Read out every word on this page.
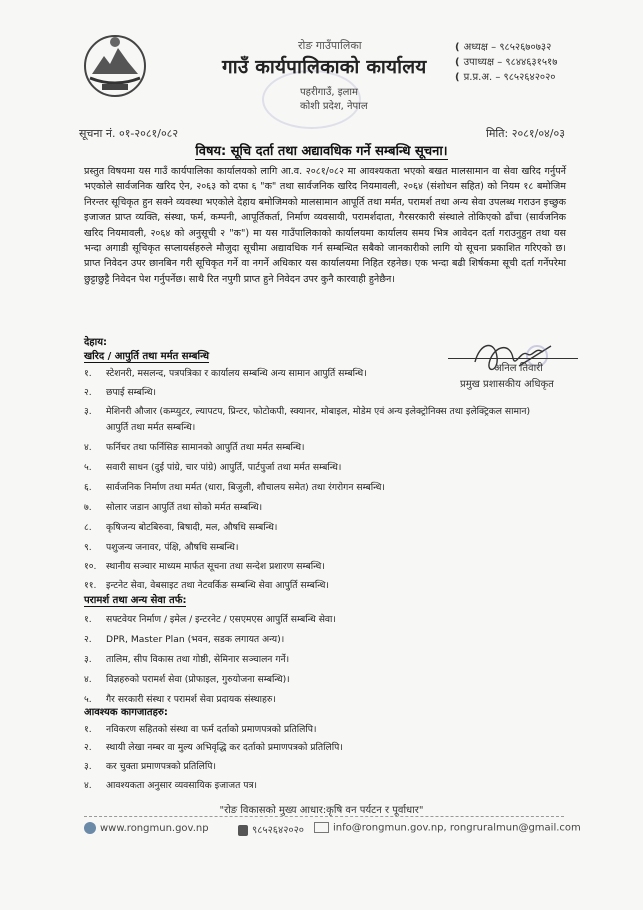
रोङ गाउँपालिका
गाउँ कार्यपालिकाको कार्यालय
पहरीगाउँ, इलाम
कोशी प्रदेश, नेपाल
( अध्यक्ष – ९८५२६७०७३२
( उपाध्यक्ष – ९८४४६३१५१७
( प्र.प्र.अ. – ९८५२६४२०२०
सूचना नं. ०१-२०८१/०८२	मिति: २०८१/०४/०३
विषय: सूचि दर्ता तथा अद्यावधिक गर्ने सम्बन्धि सूचना।
प्रस्तुत विषयमा यस गाउँ कार्यपालिका कार्यालयको लागि आ.व. २०८१/०८२ मा आवश्यकता भएको बखत मालसामान वा सेवा खरिद गर्नुपर्ने भएकोले सार्वजनिक खरिद ऐन, २०६३ को दफा ६ "क" तथा सार्वजनिक खरिद नियमावली, २०६४ (संशोधन सहित) को नियम १८ बमोजिम निरन्तर सूचिकृत हुन सक्ने व्यवस्था भएकोले देहाय बमोजिमको मालसामान आपूर्ति तथा मर्मत, परामर्श तथा अन्य सेवा उपलब्ध गराउन इच्छुक इजाजत प्राप्त व्यक्ति, संस्था, फर्म, कम्पनी, आपूर्तिकर्ता, निर्माण व्यवसायी, परामर्शदाता, गैरसरकारी संस्थाले तोकिएको ढाँचा (सार्वजनिक खरिद नियमावली, २०६४ को अनुसूची २ "क") मा यस गाउँपालिकाको कार्यालयमा कार्यालय समय भित्र आवेदन दर्ता गराउनुहुन तथा यस भन्दा अगाडी सूचिकृत सप्लायर्सहरुले मौजुदा सूचीमा अद्यावधिक गर्न सम्बन्धित सबैको जानकारीको लागि यो सूचना प्रकाशित गरिएको छ। प्राप्त निवेदन उपर छानबिन गरी सूचिकृत गर्ने वा नगर्ने अधिकार यस कार्यालयमा निहित रहनेछ। एक भन्दा बढी शिर्षकमा सूची दर्ता गर्नेपरेमा छुट्टाछुट्टै निवेदन पेश गर्नुपर्नेछ। साथै रित नपुगी प्राप्त हुने निवेदन उपर कुनै कारवाही हुनेछैन।
देहाय:
खरिद / आपुर्ति तथा मर्मत सम्बन्धि
अनिल तिवारी
प्रमुख प्रशासकीय अधिकृत
१. स्टेशनरी, मसलन्द, पत्रपत्रिका र कार्यालय सम्बन्धि अन्य सामान आपुर्ति सम्बन्धि।
२. छपाई सम्बन्धि।
३. मेशिनरी औजार (कम्प्युटर, ल्यापटप, प्रिन्टर, फोटोकपी, स्क्यानर, मोबाइल, मोडेम एवं अन्य इलेक्ट्रोनिक्स तथा इलेक्ट्रिकल सामान)
आपुर्ति तथा मर्मत सम्बन्धि।
४. फर्निचर तथा फर्निसिङ सामानको आपुर्ति तथा मर्मत सम्बन्धि।
५. सवारी साधन (दुई पांग्रे, चार पांग्रे) आपुर्ति, पार्टपुर्जा तथा मर्मत सम्बन्धि।
६. सार्वजनिक निर्माण तथा मर्मत (धारा, बिजुली, शौचालय समेत) तथा रंगरोगन सम्बन्धि।
७. सोलार जडान आपुर्ति तथा सोको मर्मत सम्बन्धि।
८. कृषिजन्य बोटबिरुवा, बिषादी, मल, औषधि सम्बन्धि।
९. पशुजन्य जनावर, पंक्षि, औषधि सम्बन्धि।
१०. स्थानीय सञ्चार माध्यम मार्फत सूचना तथा सन्देश प्रशारण सम्बन्धि।
११. इन्टनेट सेवा, वेबसाइट तथा नेटवर्किङ सम्बन्धि सेवा आपुर्ति सम्बन्धि।
परामर्श तथा अन्य सेवा तर्फ:
१. सफ्टवेयर निर्माण / इमेल / इन्टरनेट / एसएमएस आपुर्ति सम्बन्धि सेवा।
२. DPR, Master Plan (भवन, सडक लगायत अन्य)।
३. तालिम, सीप विकास तथा गोष्ठी, सेमिनार सञ्चालन गर्ने।
४. विज्ञहरुको परामर्श सेवा (प्रोफाइल, गुरुयोजना सम्बन्धि)।
५. गैर सरकारी संस्था र परामर्श सेवा प्रदायक संस्थाहरु।
आवश्यक कागजातहरु:
१. नविकरण सहितको संस्था वा फर्म दर्ताको प्रमाणपत्रको प्रतिलिपि।
२. स्थायी लेखा नम्बर वा मुल्य अभिवृद्धि कर दर्ताको प्रमाणपत्रको प्रतिलिपि।
३. कर चुक्ता प्रमाणपत्रको प्रतिलिपि।
४. आवश्यकता अनुसार व्यवसायिक इजाजत पत्र।
"रोङ विकासको मुख्य आधार:कृषि वन पर्यटन र पूर्वाधार"
www.rongmun.gov.np	९८५२६४२०२०	info@rongmun.gov.np, rongruralmun@gmail.com
